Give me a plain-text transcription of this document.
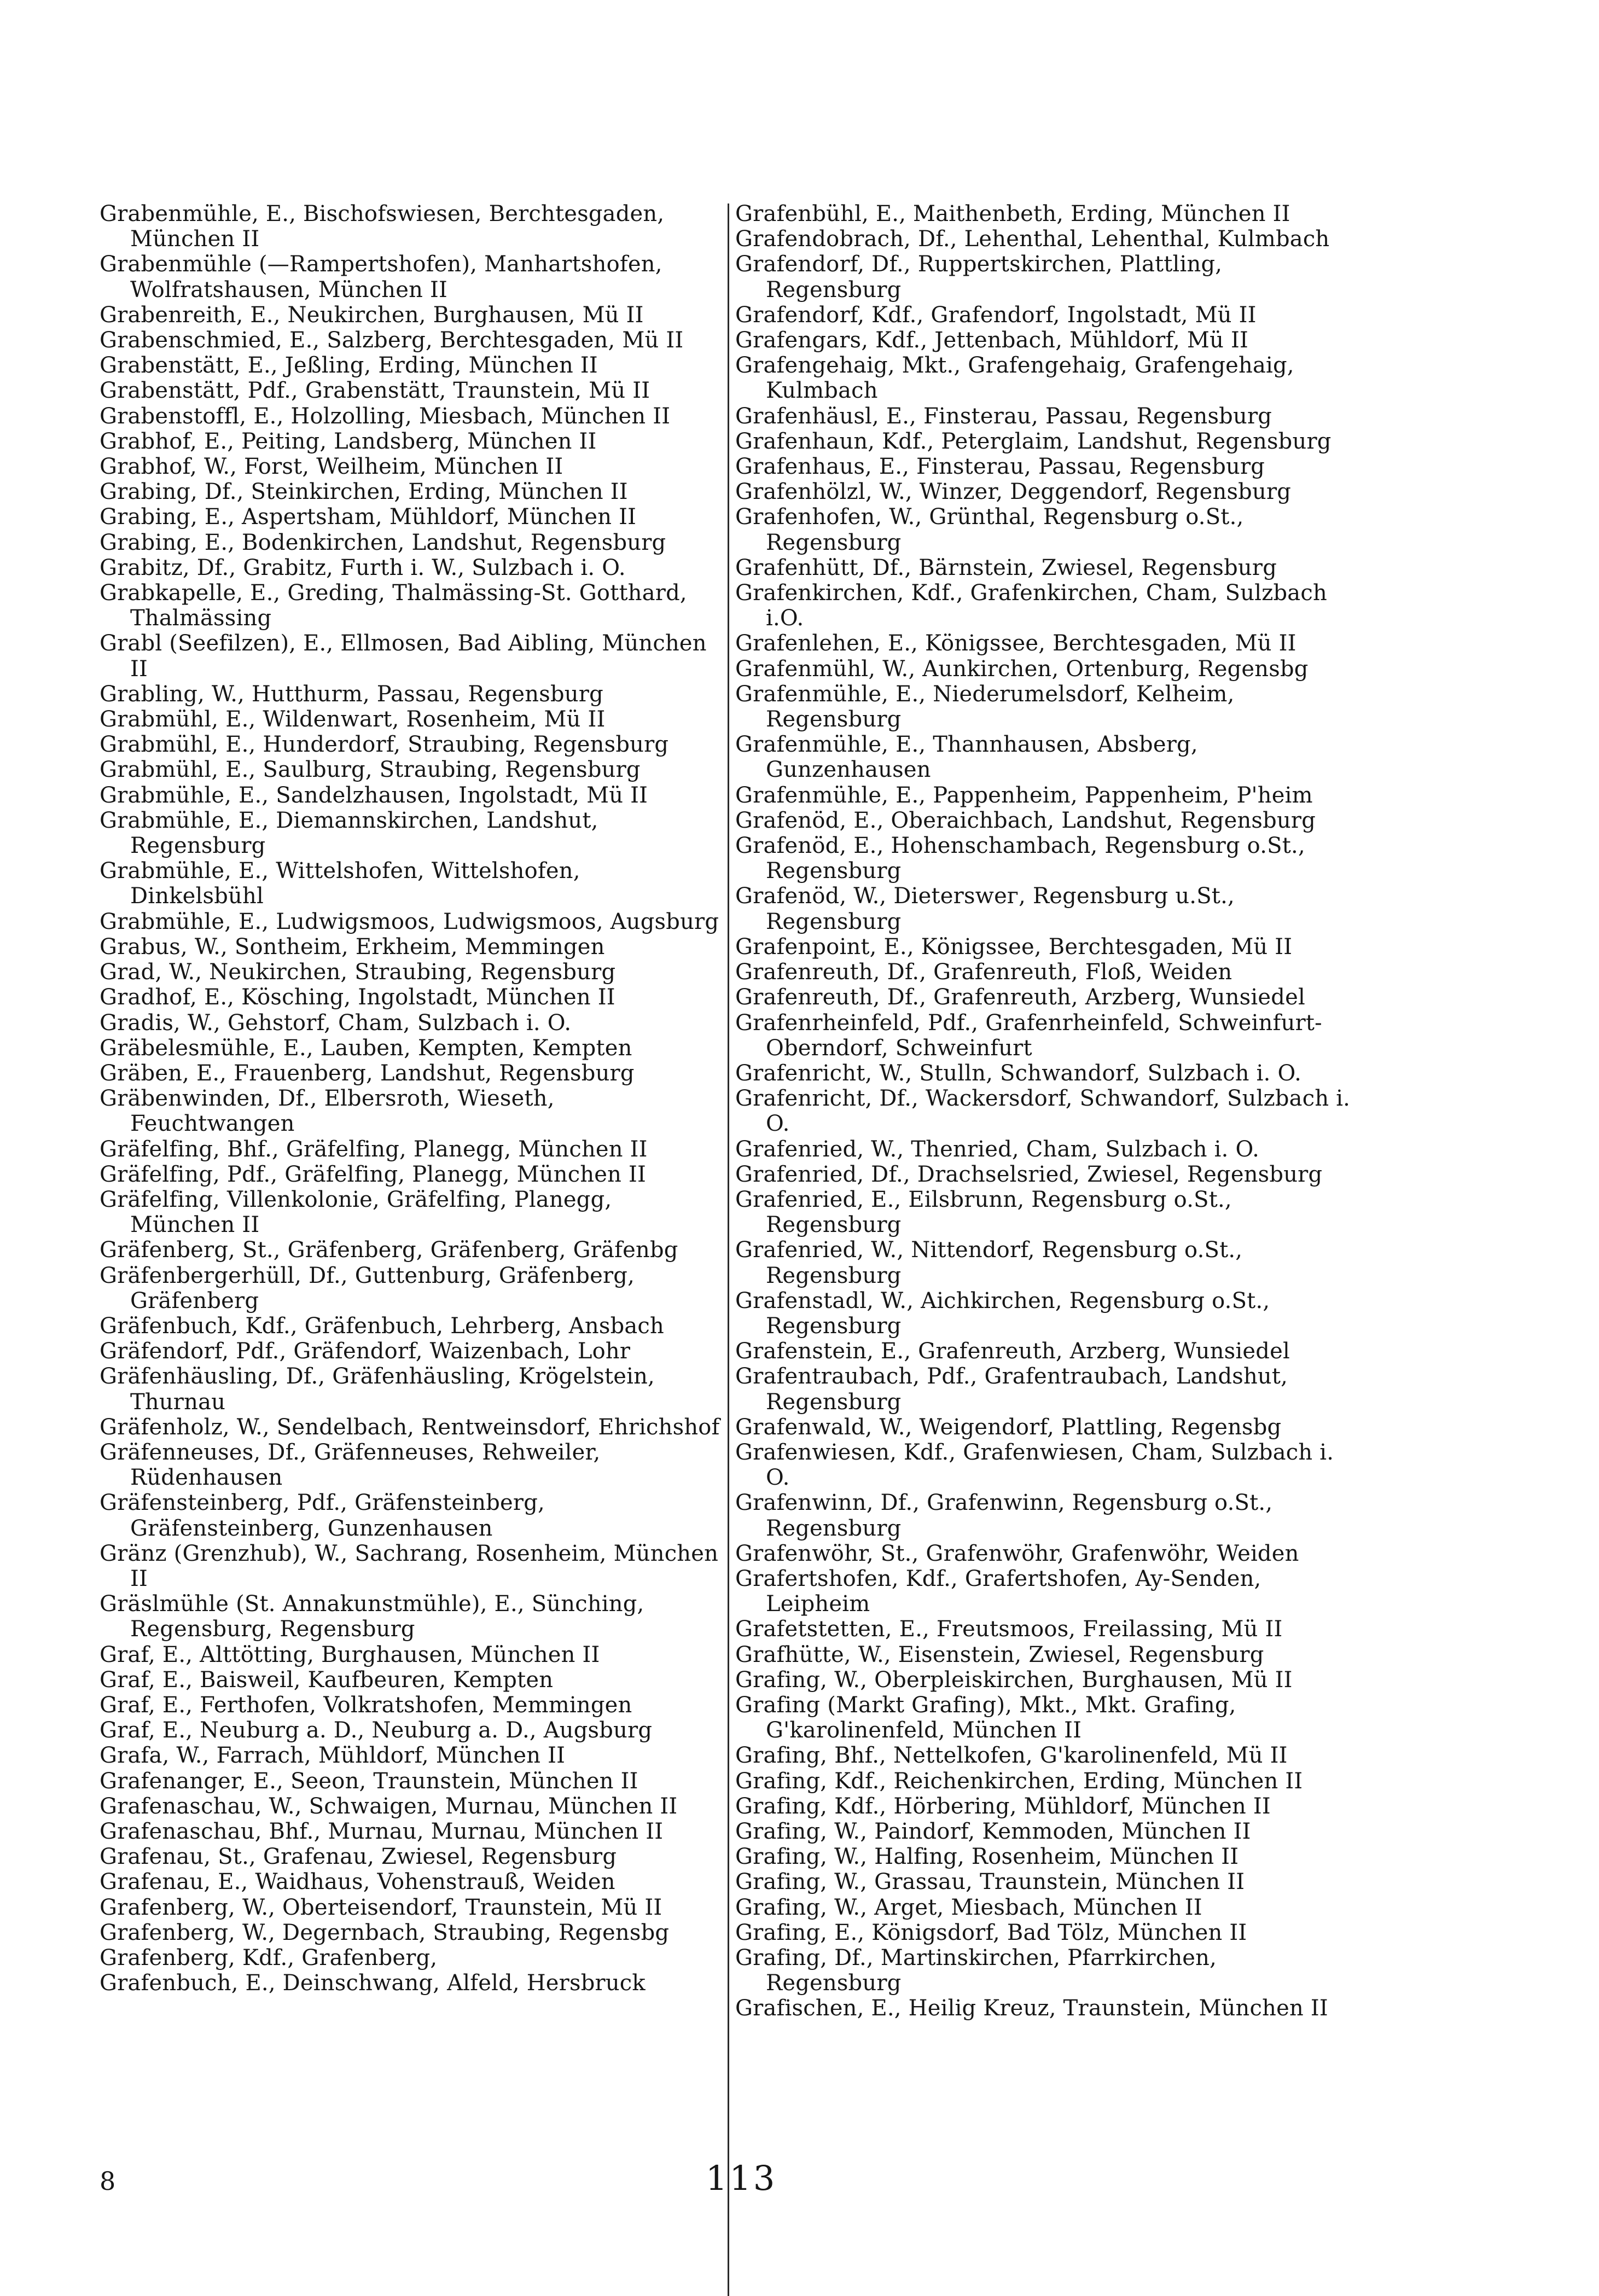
Grabenmühle, E., Bischofswiesen, Berchtesgaden, München II
Grabenmühle (—Rampertshofen), Manhartshofen, Wolfratshausen, München II
Grabenreith, E., Neukirchen, Burghausen, Mü II
Grabenschmied, E., Salzberg, Berchtesgaden, Mü II
Grabenstätt, E., Jeßling, Erding, München II
Grabenstätt, Pdf., Grabenstätt, Traunstein, Mü II
Grabenstoffl, E., Holzolling, Miesbach, München II
Grabhof, E., Peiting, Landsberg, München II
Grabhof, W., Forst, Weilheim, München II
Grabing, Df., Steinkirchen, Erding, München II
Grabing, E., Aspertsham, Mühldorf, München II
Grabing, E., Bodenkirchen, Landshut, Regensburg
Grabitz, Df., Grabitz, Furth i. W., Sulzbach i. O.
Grabkapelle, E., Greding, Thalmässing-St. Gotthard, Thalmässing
Grabl (Seefilzen), E., Ellmosen, Bad Aibling, München II
Grabling, W., Hutthurm, Passau, Regensburg
Grabmühl, E., Wildenwart, Rosenheim, Mü II
Grabmühl, E., Hunderdorf, Straubing, Regensburg
Grabmühl, E., Saulburg, Straubing, Regensburg
Grabmühle, E., Sandelzhausen, Ingolstadt, Mü II
Grabmühle, E., Diemannskirchen, Landshut, Regensburg
Grabmühle, E., Wittelshofen, Wittelshofen, Dinkelsbühl
Grabmühle, E., Ludwigsmoos, Ludwigsmoos, Augsburg
Grabus, W., Sontheim, Erkheim, Memmingen
Grad, W., Neukirchen, Straubing, Regensburg
Gradhof, E., Kösching, Ingolstadt, München II
Gradis, W., Gehstorf, Cham, Sulzbach i. O.
Gräbelesmühle, E., Lauben, Kempten, Kempten
Gräben, E., Frauenberg, Landshut, Regensburg
Gräbenwinden, Df., Elbersroth, Wieseth, Feuchtwangen
Gräfelfing, Bhf., Gräfelfing, Planegg, München II
Gräfelfing, Pdf., Gräfelfing, Planegg, München II
Gräfelfing, Villenkolonie, Gräfelfing, Planegg, München II
Gräfenberg, St., Gräfenberg, Gräfenberg, Gräfenbg
Gräfenbergerhüll, Df., Guttenburg, Gräfenberg, Gräfenberg
Gräfenbuch, Kdf., Gräfenbuch, Lehrberg, Ansbach
Gräfendorf, Pdf., Gräfendorf, Waizenbach, Lohr
Gräfenhäusling, Df., Gräfenhäusling, Krögelstein, Thurnau
Gräfenholz, W., Sendelbach, Rentweinsdorf, Ehrichshof
Gräfenneuses, Df., Gräfenneuses, Rehweiler, Rüdenhausen
Gräfensteinberg, Pdf., Gräfensteinberg, Gräfensteinberg, Gunzenhausen
Gränz (Grenzhub), W., Sachrang, Rosenheim, München II
Gräslmühle (St. Annakunstmühle), E., Sünching, Regensburg, Regensburg
Graf, E., Alttötting, Burghausen, München II
Graf, E., Baisweil, Kaufbeuren, Kempten
Graf, E., Ferthofen, Volkratshofen, Memmingen
Graf, E., Neuburg a. D., Neuburg a. D., Augsburg
Grafa, W., Farrach, Mühldorf, München II
Grafenanger, E., Seeon, Traunstein, München II
Grafenaschau, W., Schwaigen, Murnau, München II
Grafenaschau, Bhf., Murnau, Murnau, München II
Grafenau, St., Grafenau, Zwiesel, Regensburg
Grafenau, E., Waidhaus, Vohenstrauß, Weiden
Grafenberg, W., Oberteisendorf, Traunstein, Mü II
Grafenberg, W., Degernbach, Straubing, Regensbg
Grafenberg, Kdf., Grafenberg,
Grafenbuch, E., Deinschwang, Alfeld, Hersbruck
Grafenbühl, E., Maithenbeth, Erding, München II
Grafendobrach, Df., Lehenthal, Lehenthal, Kulmbach
Grafendorf, Df., Ruppertskirchen, Plattling, Regensburg
Grafendorf, Kdf., Grafendorf, Ingolstadt, Mü II
Grafengars, Kdf., Jettenbach, Mühldorf, Mü II
Grafengehaig, Mkt., Grafengehaig, Grafengehaig, Kulmbach
Grafenhäusl, E., Finsterau, Passau, Regensburg
Grafenhaun, Kdf., Peterglaim, Landshut, Regensburg
Grafenhaus, E., Finsterau, Passau, Regensburg
Grafenhölzl, W., Winzer, Deggendorf, Regensburg
Grafenhofen, W., Grünthal, Regensburg o.St., Regensburg
Grafenhütt, Df., Bärnstein, Zwiesel, Regensburg
Grafenkirchen, Kdf., Grafenkirchen, Cham, Sulzbach i.O.
Grafenlehen, E., Königssee, Berchtesgaden, Mü II
Grafenmühl, W., Aunkirchen, Ortenburg, Regensbg
Grafenmühle, E., Niederumelsdorf, Kelheim, Regensburg
Grafenmühle, E., Thannhausen, Absberg, Gunzenhausen
Grafenmühle, E., Pappenheim, Pappenheim, P'heim
Grafenöd, E., Oberaichbach, Landshut, Regensburg
Grafenöd, E., Hohenschambach, Regensburg o.St., Regensburg
Grafenöd, W., Dieterswег, Regensburg u.St., Regensburg
Grafenpoint, E., Königssee, Berchtesgaden, Mü II
Grafenreuth, Df., Grafenreuth, Floß, Weiden
Grafenreuth, Df., Grafenreuth, Arzberg, Wunsiedel
Grafenrheinfeld, Pdf., Grafenrheinfeld, Schweinfurt-Oberndorf, Schweinfurt
Grafenricht, W., Stulln, Schwandorf, Sulzbach i. O.
Grafenricht, Df., Wackersdorf, Schwandorf, Sulzbach i. O.
Grafenried, W., Thenried, Cham, Sulzbach i. O.
Grafenried, Df., Drachselsried, Zwiesel, Regensburg
Grafenried, E., Eilsbrunn, Regensburg o.St., Regensburg
Grafenried, W., Nittendorf, Regensburg o.St., Regensburg
Grafenstadl, W., Aichkirchen, Regensburg o.St., Regensburg
Grafenstein, E., Grafenreuth, Arzberg, Wunsiedel
Grafentraubach, Pdf., Grafentraubach, Landshut, Regensburg
Grafenwald, W., Weigendorf, Plattling, Regensbg
Grafenwiesen, Kdf., Grafenwiesen, Cham, Sulzbach i. O.
Grafenwinn, Df., Grafenwinn, Regensburg o.St., Regensburg
Grafenwöhr, St., Grafenwöhr, Grafenwöhr, Weiden
Grafertshofen, Kdf., Grafertshofen, Ay-Senden, Leipheim
Grafetstetten, E., Freutsmoos, Freilassing, Mü II
Grafhütte, W., Eisenstein, Zwiesel, Regensburg
Grafing, W., Oberpleiskirchen, Burghausen, Mü II
Grafing (Markt Grafing), Mkt., Mkt. Grafing, G'karolinenfeld, München II
Grafing, Bhf., Nettelkofen, G'karolinenfeld, Mü II
Grafing, Kdf., Reichenkirchen, Erding, München II
Grafing, Kdf., Hörbering, Mühldorf, München II
Grafing, W., Paindorf, Kemmoden, München II
Grafing, W., Halfing, Rosenheim, München II
Grafing, W., Grassau, Traunstein, München II
Grafing, W., Arget, Miesbach, München II
Grafing, E., Königsdorf, Bad Tölz, München II
Grafing, Df., Martinskirchen, Pfarrkirchen, Regensburg
Grafischen, E., Heilig Kreuz, Traunstein, München II
8	113
